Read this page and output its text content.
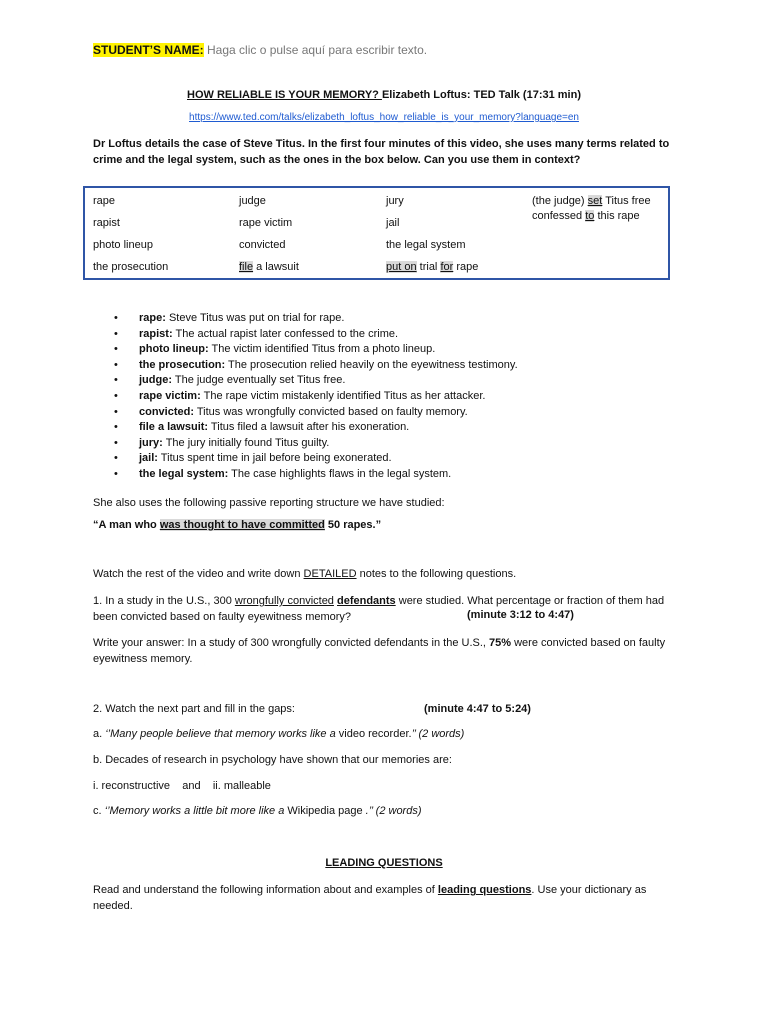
STUDENT’S NAME: Haga clic o pulse aquí para escribir texto.
HOW RELIABLE IS YOUR MEMORY? Elizabeth Loftus: TED Talk (17:31 min)
https://www.ted.com/talks/elizabeth_loftus_how_reliable_is_your_memory?language=en
Dr Loftus details the case of Steve Titus. In the first four minutes of this video, she uses many terms related to crime and the legal system, such as the ones in the box below. Can you use them in context?
rape
rapist
photo lineup
the prosecution
judge
rape victim
convicted
file a lawsuit
jury
jail
the legal system
put on trial for rape
(the judge) set Titus free
confessed to this rape
• rape: Steve Titus was put on trial for rape.
• rapist: The actual rapist later confessed to the crime.
• photo lineup: The victim identified Titus from a photo lineup.
• the prosecution: The prosecution relied heavily on the eyewitness testimony.
• judge: The judge eventually set Titus free.
• rape victim: The rape victim mistakenly identified Titus as her attacker.
• convicted: Titus was wrongfully convicted based on faulty memory.
• file a lawsuit: Titus filed a lawsuit after his exoneration.
• jury: The jury initially found Titus guilty.
• jail: Titus spent time in jail before being exonerated.
• the legal system: The case highlights flaws in the legal system.
She also uses the following passive reporting structure we have studied:
“A man who was thought to have committed 50 rapes.”
Watch the rest of the video and write down DETAILED notes to the following questions.
1. In a study in the U.S., 300 wrongfully convicted defendants were studied. What percentage or fraction of them had been convicted based on faulty eyewitness memory?	(minute 3:12 to 4:47)
Write your answer: In a study of 300 wrongfully convicted defendants in the U.S., 75% were convicted based on faulty eyewitness memory.
2. Watch the next part and fill in the gaps:	(minute 4:47 to 5:24)
a. ‘’Many people believe that memory works like a video recorder.’’ (2 words)
b. Decades of research in psychology have shown that our memories are:
i. reconstructive    and    ii. malleable
c. ‘’Memory works a little bit more like a Wikipedia page .’’ (2 words)
LEADING QUESTIONS
Read and understand the following information about and examples of leading questions. Use your dictionary as needed.
